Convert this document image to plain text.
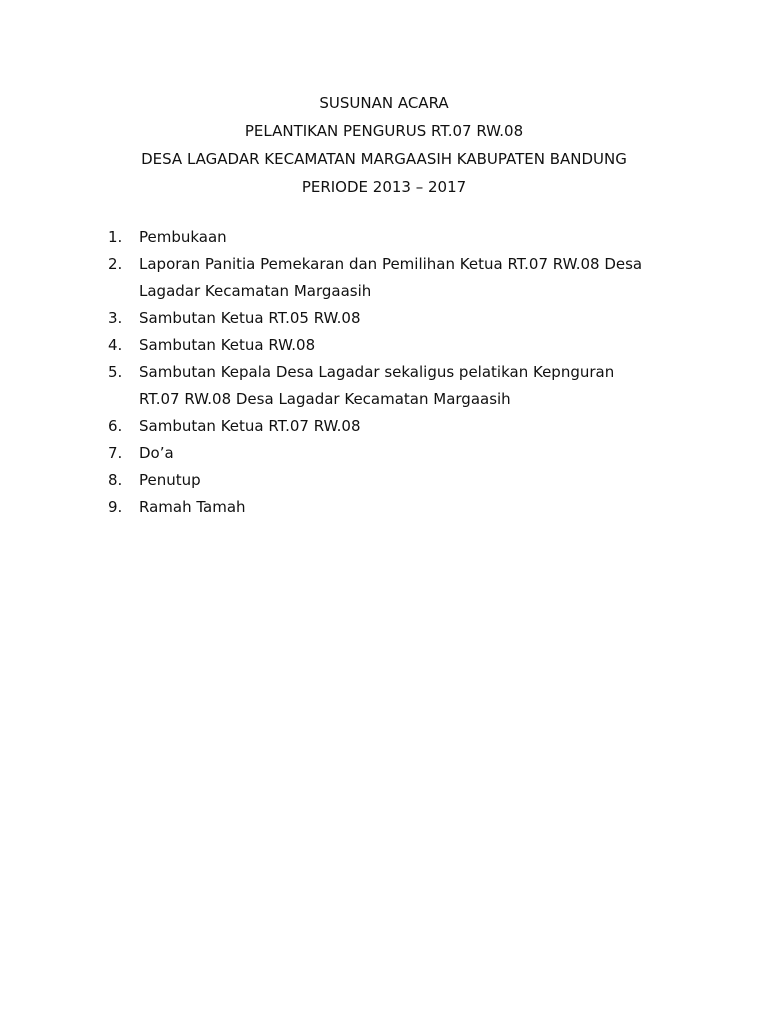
SUSUNAN ACARA
PELANTIKAN PENGURUS RT.07 RW.08
DESA LAGADAR KECAMATAN MARGAASIH KABUPATEN BANDUNG
PERIODE 2013 – 2017
1.	Pembukaan
2.	Laporan Panitia Pemekaran dan Pemilihan Ketua RT.07 RW.08 Desa
Lagadar Kecamatan Margaasih
3.	Sambutan Ketua RT.05 RW.08
4.	Sambutan Ketua RW.08
5.	Sambutan Kepala Desa Lagadar sekaligus pelatikan Kepnguran
RT.07 RW.08 Desa Lagadar Kecamatan Margaasih
6.	Sambutan Ketua RT.07 RW.08
7.	Do’a
8.	Penutup
9.	Ramah Tamah
